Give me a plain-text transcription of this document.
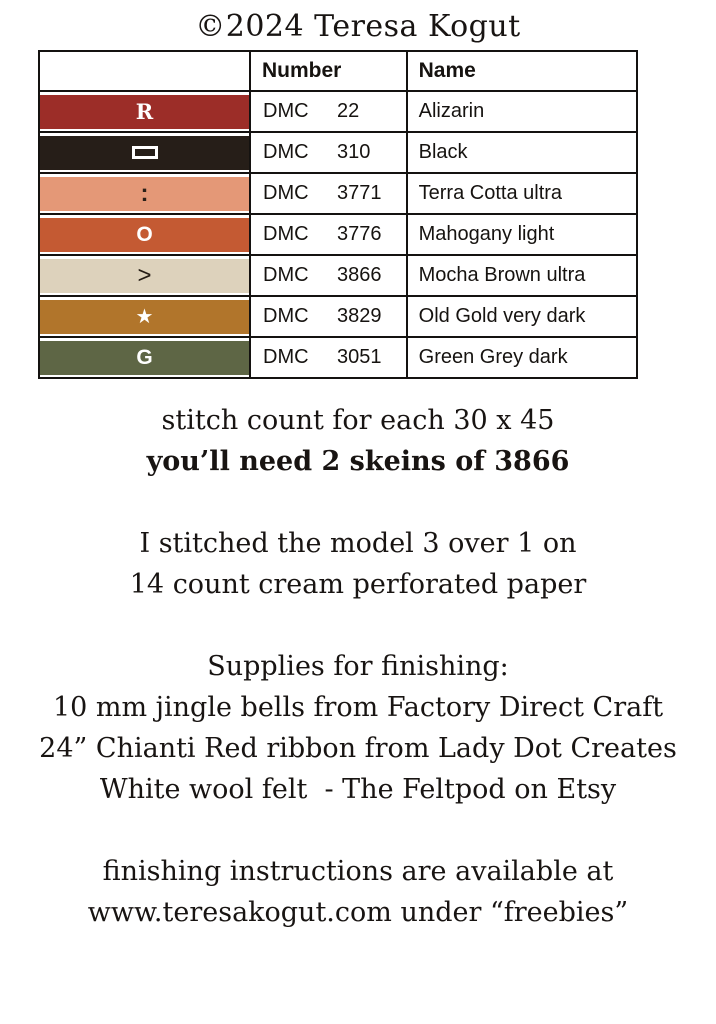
©2024 Teresa Kogut
	Number	Name

R	DMC 22	Alizarin

	DMC 310	Black

:	DMC 3771	Terra Cotta ultra

O	DMC 3776	Mahogany light

>	DMC 3866	Mocha Brown ultra

★	DMC 3829	Old Gold very dark

G	DMC 3051	Green Grey dark
stitch count for each 30 x 45
you’ll need 2 skeins of 3866
I stitched the model 3 over 1 on
14 count cream perforated paper
Supplies for finishing:
10 mm jingle bells from Factory Direct Craft
24” Chianti Red ribbon from Lady Dot Creates
White wool felt  - The Feltpod on Etsy
finishing instructions are available at
www.teresakogut.com under “freebies”
